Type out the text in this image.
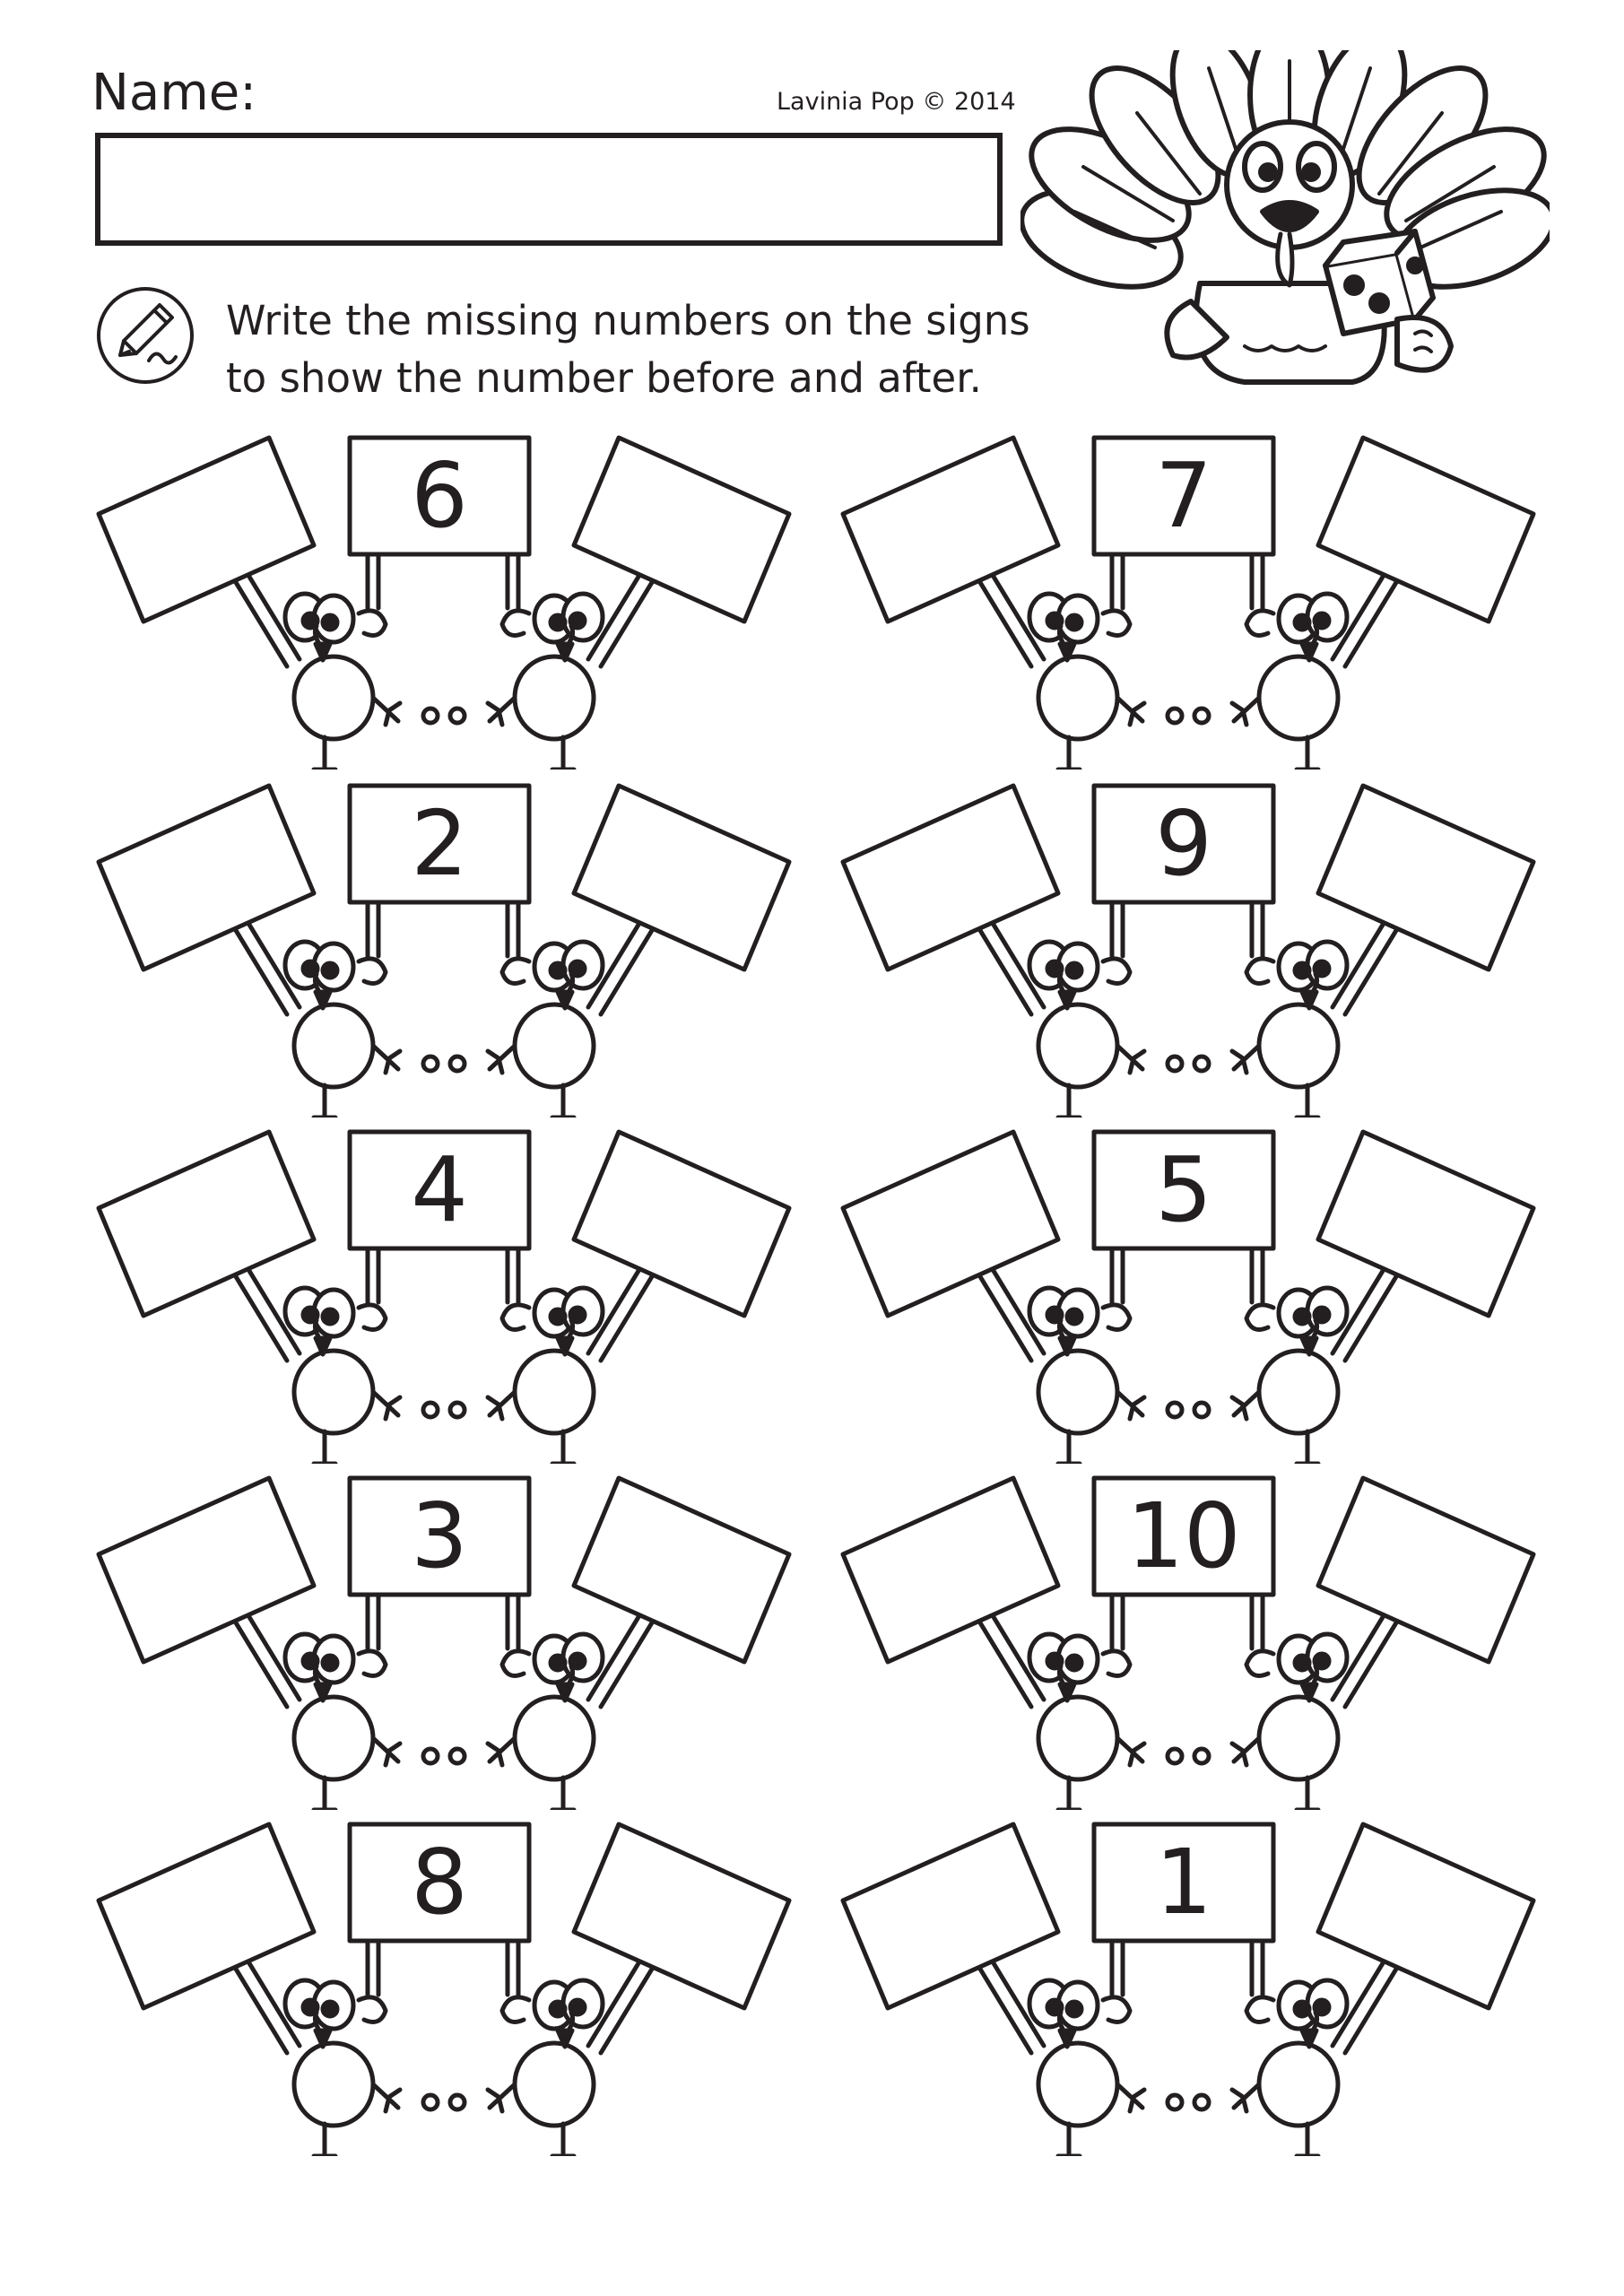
Name:	Lavinia Pop © 2014
Write the missing numbers on the signs
to show the number before and after.
6	7
2	9
4	5
3	10
8	1
